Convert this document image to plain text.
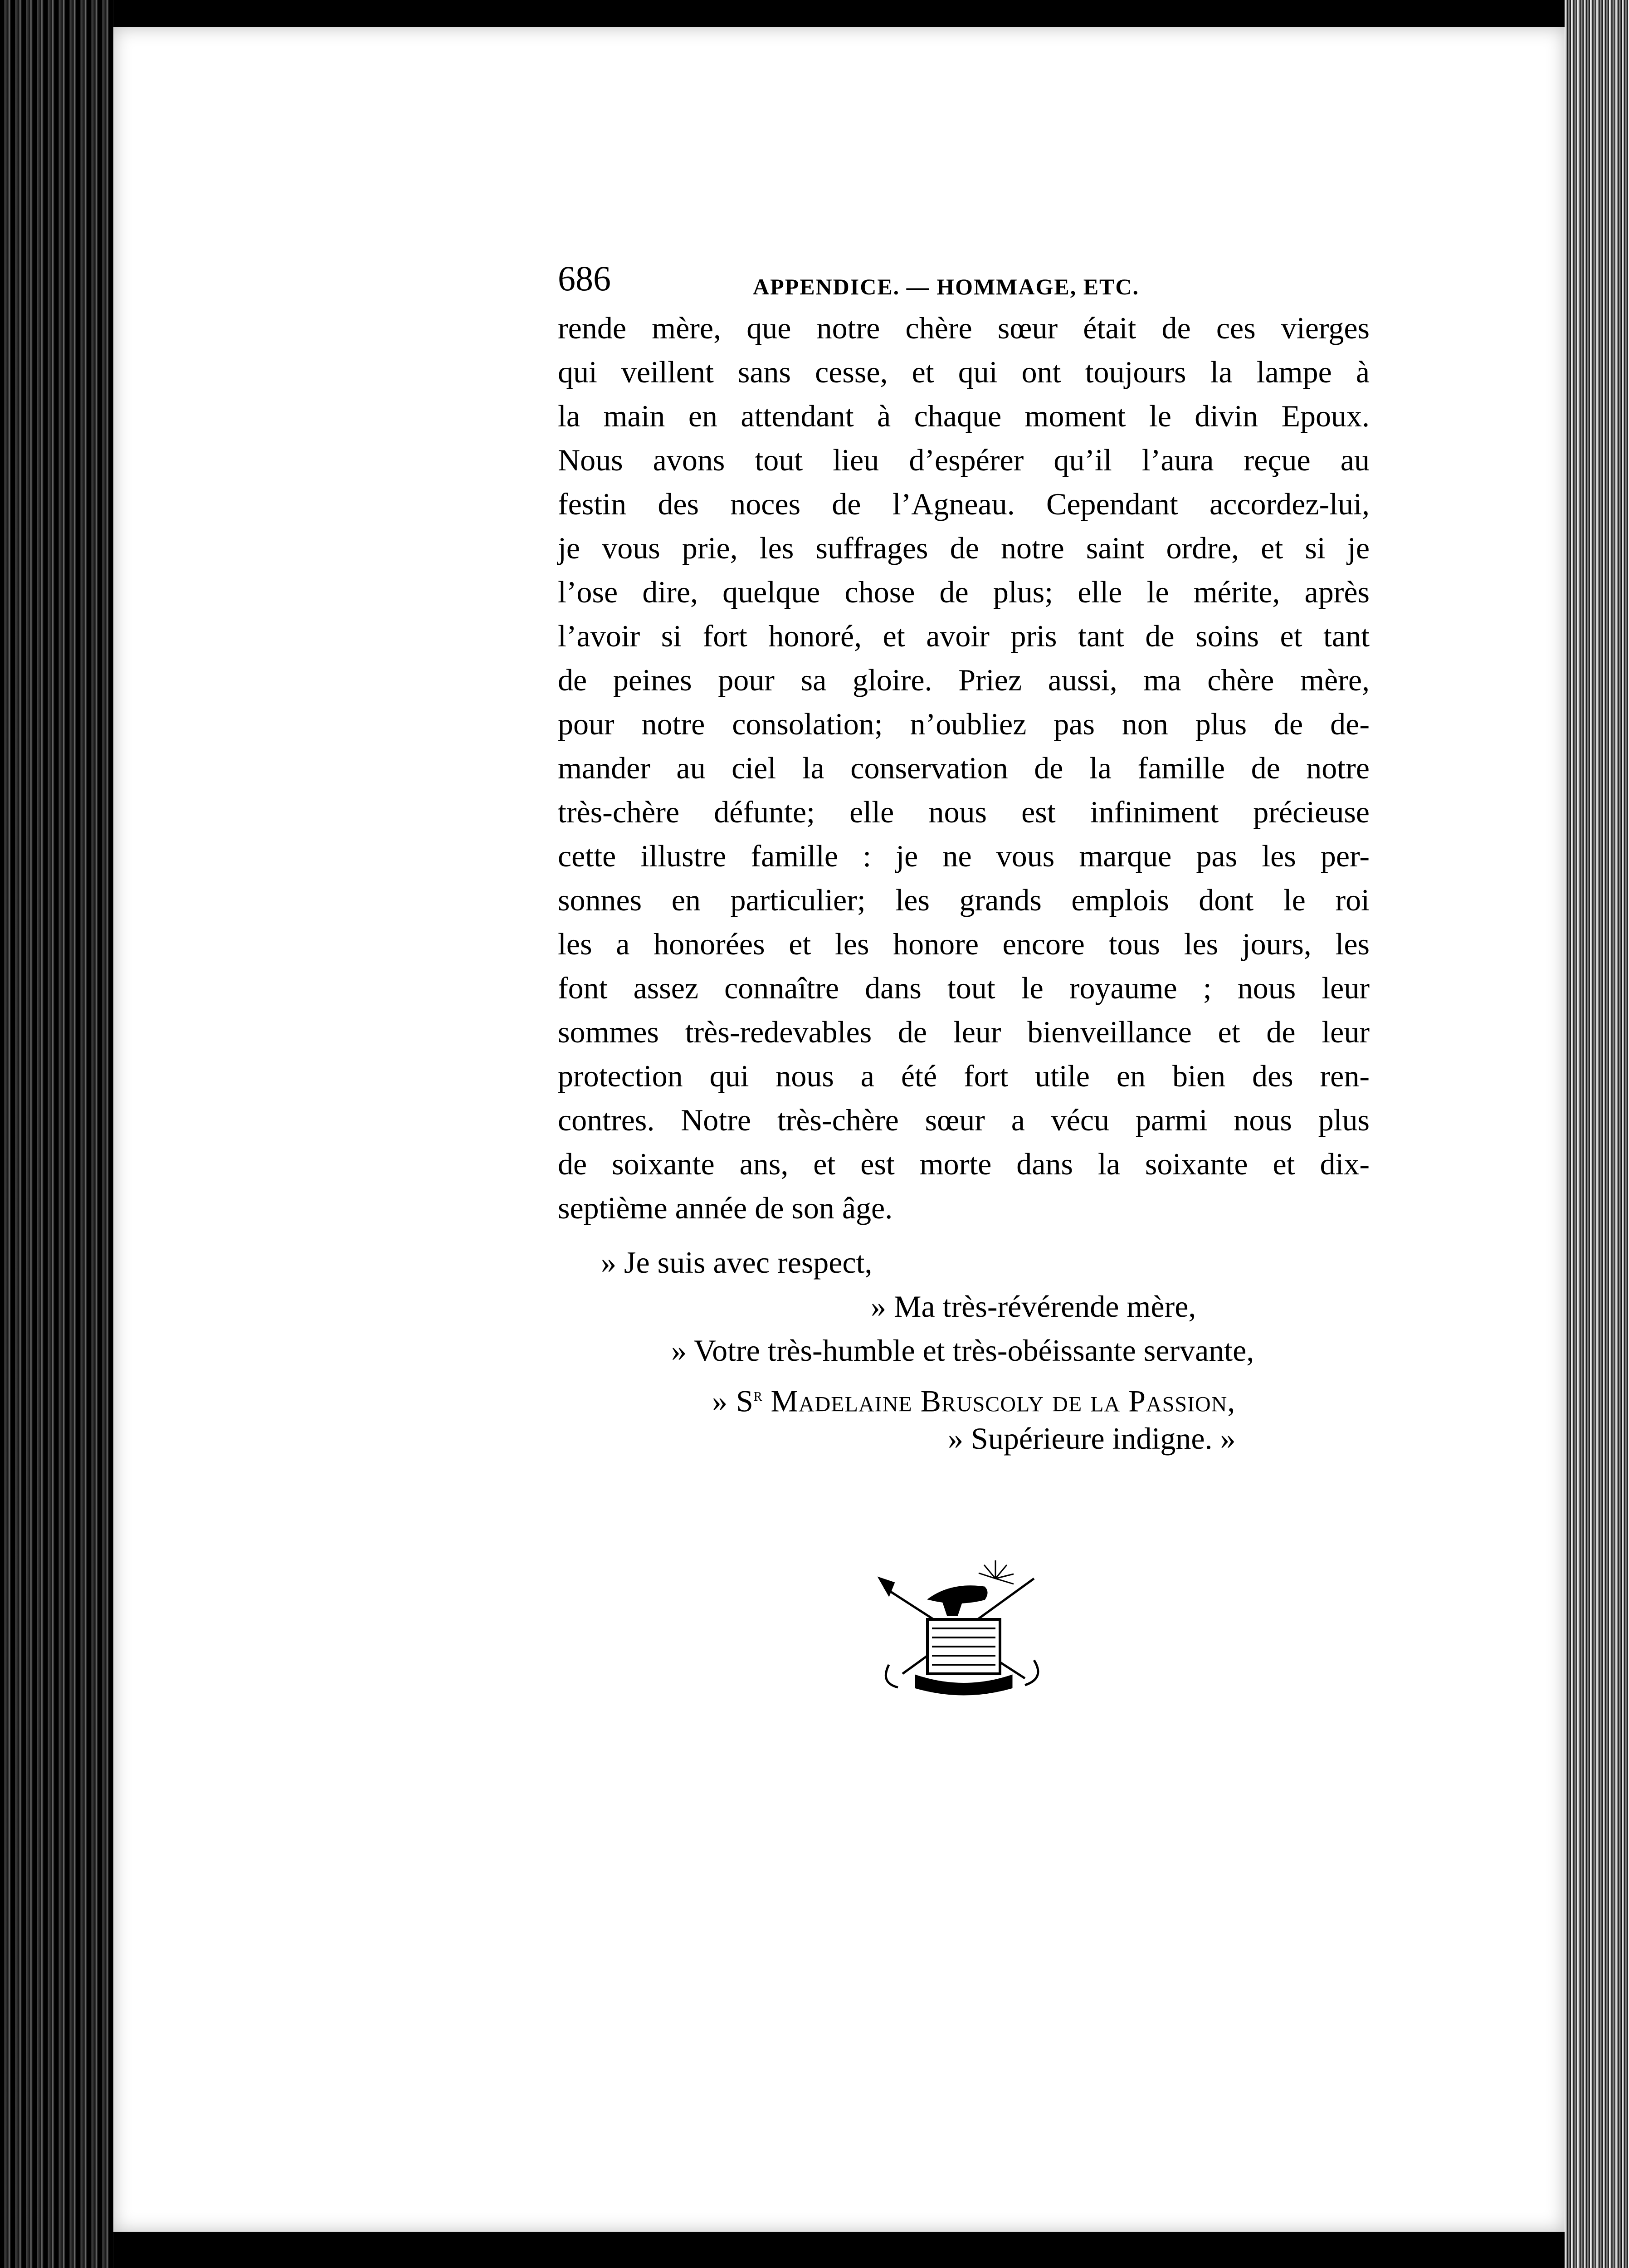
686	APPENDICE. — HOMMAGE, ETC.
rende mère, que notre chère sœur était de ces vierges
qui veillent sans cesse, et qui ont toujours la lampe à
la main en attendant à chaque moment le divin Epoux.
Nous avons tout lieu d’espérer qu’il l’aura reçue au
festin des noces de l’Agneau. Cependant accordez-lui,
je vous prie, les suffrages de notre saint ordre, et si je
l’ose dire, quelque chose de plus; elle le mérite, après
l’avoir si fort honoré, et avoir pris tant de soins et tant
de peines pour sa gloire. Priez aussi, ma chère mère,
pour notre consolation; n’oubliez pas non plus de de-
mander au ciel la conservation de la famille de notre
très-chère défunte; elle nous est infiniment précieuse
cette illustre famille : je ne vous marque pas les per-
sonnes en particulier; les grands emplois dont le roi
les a honorées et les honore encore tous les jours, les
font assez connaître dans tout le royaume ; nous leur
sommes très-redevables de leur bienveillance et de leur
protection qui nous a été fort utile en bien des ren-
contres. Notre très-chère sœur a vécu parmi nous plus
de soixante ans, et est morte dans la soixante et dix-
septième année de son âge.
» Je suis avec respect,
» Ma très-révérende mère,
» Votre très-humble et très-obéissante servante,
» $S^r$ Madelaine Bruscoly de la Passion,
» Supérieure indigne. »
